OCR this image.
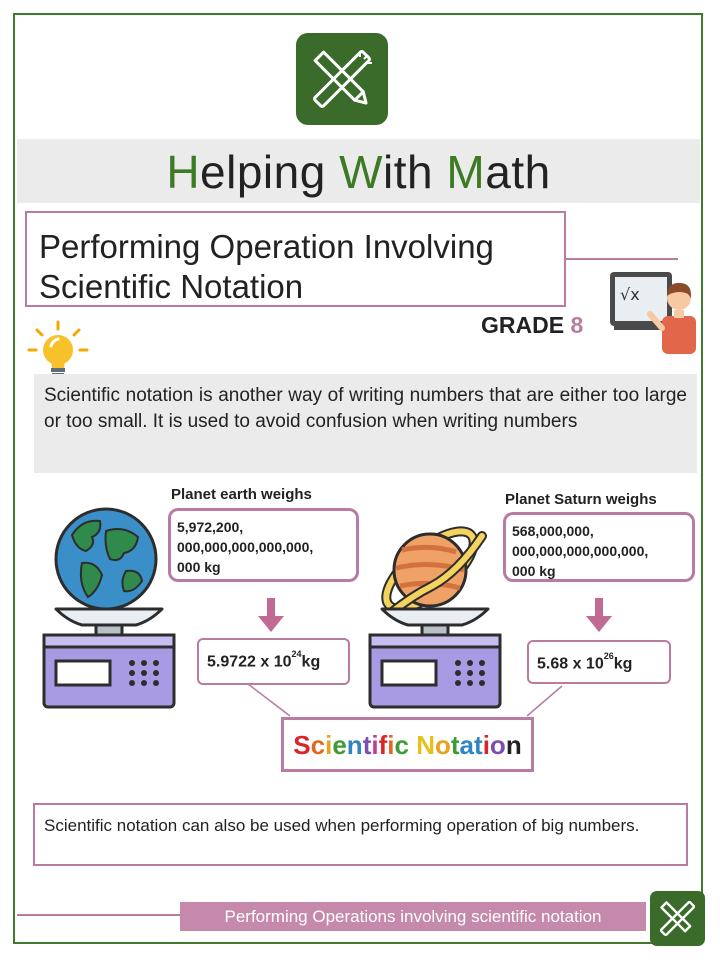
Helping With Math
Performing Operation Involving
Scientific Notation
GRADE 8
√x
Scientific notation is another way of writing numbers that are either too large or too small. It is used to avoid confusion when writing numbers
Planet earth weighs
5,972,200,
000,000,000,000,000,
000 kg
5.9722 x $10^{24}kg$
Planet Saturn weighs
568,000,000,
000,000,000,000,000,
000 kg
5.68 x $10^{26}kg$
Scientific Notation
Scientific notation can also be used when performing operation of big numbers.
Performing Operations involving scientific notation
